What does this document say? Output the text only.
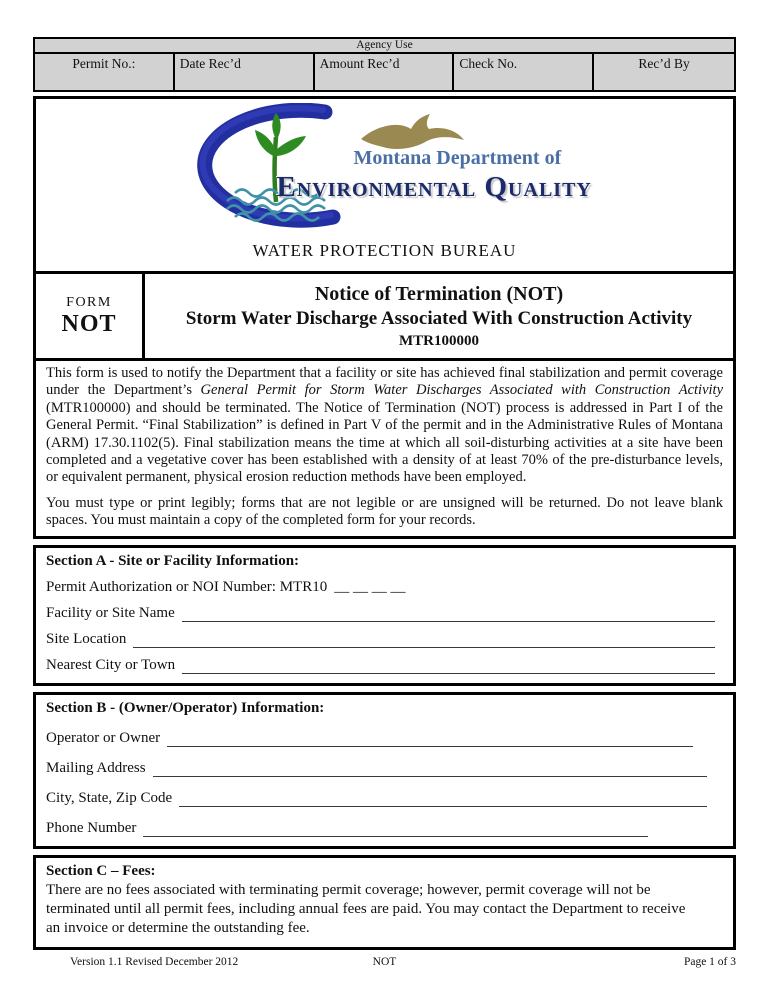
Agency Use
Permit No.:	Date Rec’d	Amount Rec’d	Check No.	Rec’d By
Montana Department of
Environmental Quality
WATER PROTECTION BUREAU
FORM
NOT
Notice of Termination (NOT)
Storm Water Discharge Associated With Construction Activity
MTR100000
This form is used to notify the Department that a facility or site has achieved final stabilization and permit coverage under the Department’s General Permit for Storm Water Discharges Associated with Construction Activity (MTR100000) and should be terminated. The Notice of Termination (NOT) process is addressed in Part I of the General Permit. “Final Stabilization” is defined in Part V of the permit and in the Administrative Rules of Montana (ARM) 17.30.1102(5). Final stabilization means the time at which all soil-disturbing activities at a site have been completed and a vegetative cover has been established with a density of at least 70% of the pre-disturbance levels, or equivalent permanent, physical erosion reduction methods have been employed.
You must type or print legibly; forms that are not legible or are unsigned will be returned. Do not leave blank spaces. You must maintain a copy of the completed form for your records.
Section A - Site or Facility Information:
Permit Authorization or NOI Number: MTR10 __ __ __ __
Facility or Site Name
Site Location
Nearest City or Town
Section B - (Owner/Operator) Information:
Operator or Owner
Mailing Address
City, State, Zip Code
Phone Number
Section C – Fees:
There are no fees associated with terminating permit coverage; however, permit coverage will not be terminated until all permit fees, including annual fees are paid. You may contact the Department to receive an invoice or determine the outstanding fee.
NOT
Version 1.1 Revised December 2012	Page 1 of 3
